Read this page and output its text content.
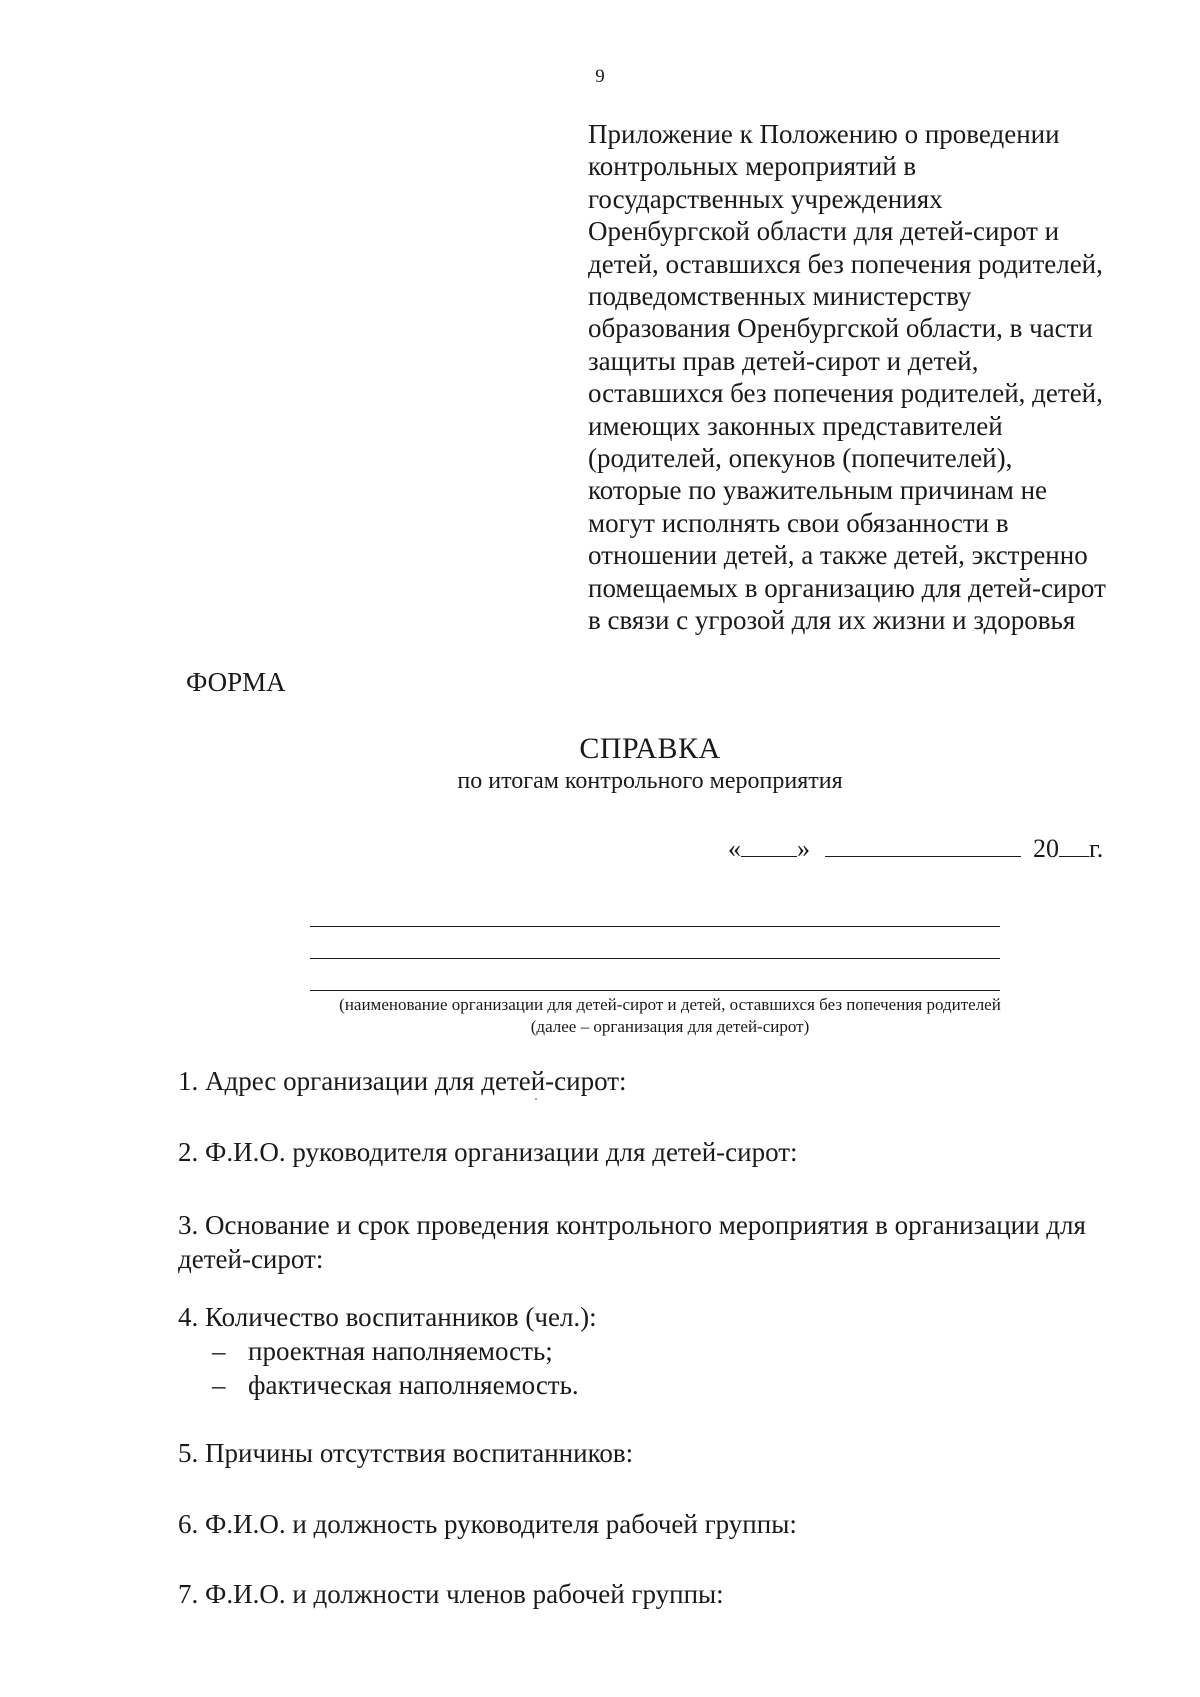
9
Приложение к Положению о проведении
контрольных мероприятий в
государственных учреждениях
Оренбургской области для детей-сирот и
детей, оставшихся без попечения родителей,
подведомственных министерству
образования Оренбургской области, в части
защиты прав детей-сирот и детей,
оставшихся без попечения родителей, детей,
имеющих законных представителей
(родителей, опекунов (попечителей),
которые по уважительным причинам не
могут исполнять свои обязанности в
отношении детей, а также детей, экстренно
помещаемых в организацию для детей-сирот
в связи с угрозой для их жизни и здоровья
ФОРМА
СПРАВКА
по итогам контрольного мероприятия
« »	20 г.
(наименование организации для детей-сирот и детей, оставшихся без попечения родителей
(далее – организация для детей-сирот)
1. Адрес организации для детей-сирот:
2. Ф.И.О. руководителя организации для детей-сирот:
3. Основание и срок проведения контрольного мероприятия в организации для
детей-сирот:
4. Количество воспитанников (чел.):
– проектная наполняемость;
– фактическая наполняемость.
5. Причины отсутствия воспитанников:
6. Ф.И.О. и должность руководителя рабочей группы:
7. Ф.И.О. и должности членов рабочей группы:
